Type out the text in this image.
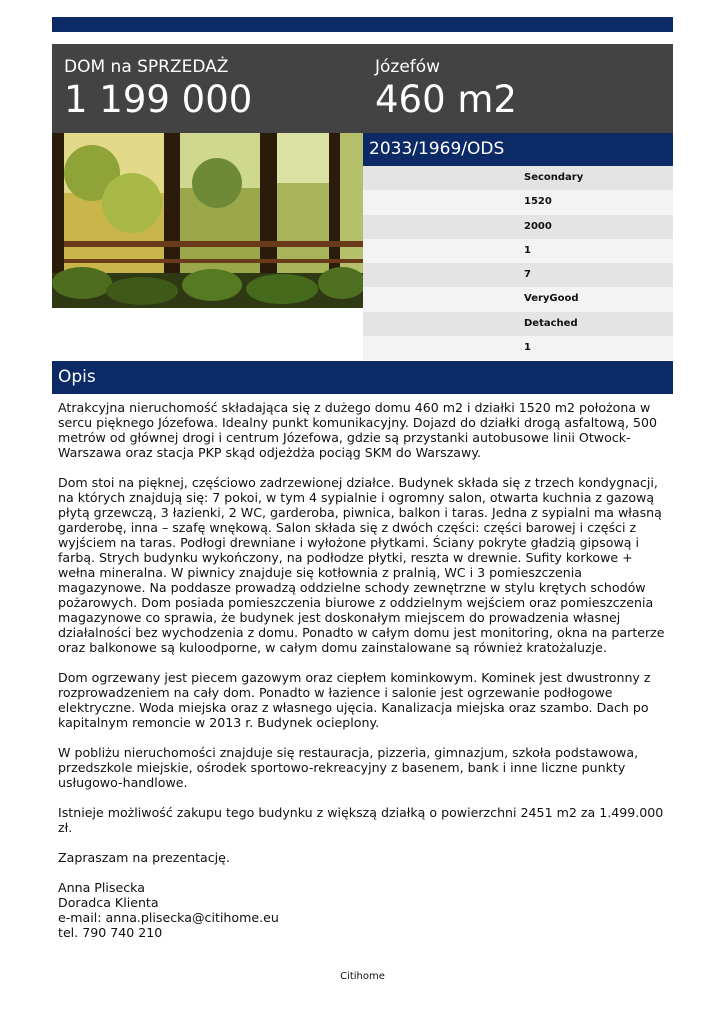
DOM na SPRZEDAŻ
1 199 000
Józefów
460 m2
2033/1969/ODS
Secondary
1520
2000
1
7
VeryGood
Detached
1
Opis

Atrakcyjna nieruchomość składająca się z dużego domu 460 m2 i działki 1520 m2 położona w sercu pięknego Józefowa. Idealny punkt komunikacyjny. Dojazd do działki drogą asfaltową, 500 metrów od głównej drogi i centrum Józefowa, gdzie są przystanki autobusowe linii Otwock-Warszawa oraz stacja PKP skąd odjeżdża pociąg SKM do Warszawy.

Dom stoi na pięknej, częściowo zadrzewionej działce. Budynek składa się z trzech kondygnacji, na których znajdują się: 7 pokoi, w tym 4 sypialnie i ogromny salon, otwarta kuchnia z gazową płytą grzewczą, 3 łazienki, 2 WC, garderoba, piwnica, balkon i taras. Jedna z sypialni ma własną garderobę, inna – szafę wnękową. Salon składa się z dwóch części: części barowej i części z wyjściem na taras. Podłogi drewniane i wyłożone płytkami. Ściany pokryte gładzią gipsową i farbą. Strych budynku wykończony, na podłodze płytki, reszta w drewnie. Sufity korkowe + wełna mineralna. W piwnicy znajduje się kotłownia z pralnią, WC i 3 pomieszczenia magazynowe. Na poddasze prowadzą oddzielne schody zewnętrzne w stylu krętych schodów pożarowych. Dom posiada pomieszczenia biurowe z oddzielnym wejściem oraz pomieszczenia magazynowe co sprawia, że budynek jest doskonałym miejscem do prowadzenia własnej działalności bez wychodzenia z domu. Ponadto w całym domu jest monitoring, okna na parterze oraz balkonowe są kuloodporne, w całym domu zainstalowane są również kratożaluzje.

Dom ogrzewany jest piecem gazowym oraz ciepłem kominkowym. Kominek jest dwustronny z rozprowadzeniem na cały dom. Ponadto w łazience i salonie jest ogrzewanie podłogowe elektryczne. Woda miejska oraz z własnego ujęcia. Kanalizacja miejska oraz szambo. Dach po kapitalnym remoncie w 2013 r. Budynek ocieplony.

W pobliżu nieruchomości znajduje się restauracja, pizzeria, gimnazjum, szkoła podstawowa, przedszkole miejskie, ośrodek sportowo-rekreacyjny z basenem, bank i inne liczne punkty usługowo-handlowe.

Istnieje możliwość zakupu tego budynku z większą działką o powierzchni 2451 m2 za 1.499.000 zł.

Zapraszam na prezentację.

Anna Plisecka
Doradca Klienta
e-mail: anna.plisecka@citihome.eu
tel. 790 740 210
Citihome
